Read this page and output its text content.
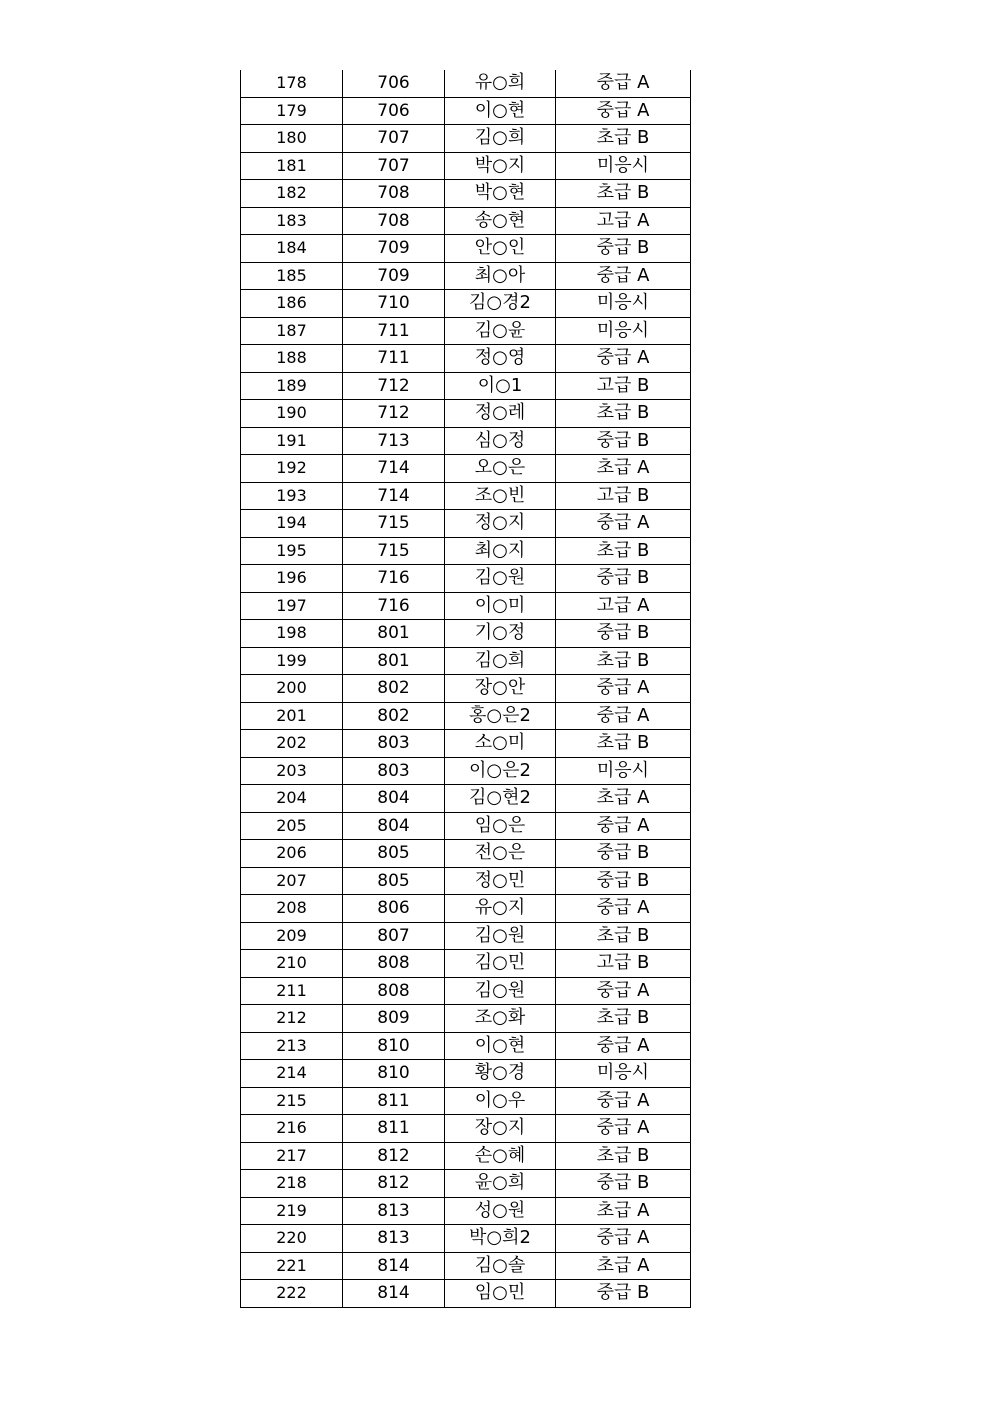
178	706	유○희	중급 A
179	706	이○현	중급 A
180	707	김○희	초급 B
181	707	박○지	미응시
182	708	박○현	초급 B
183	708	송○현	고급 A
184	709	안○인	중급 B
185	709	최○아	중급 A
186	710	김○경2	미응시
187	711	김○윤	미응시
188	711	정○영	중급 A
189	712	이○1	고급 B
190	712	정○레	초급 B
191	713	심○정	중급 B
192	714	오○은	초급 A
193	714	조○빈	고급 B
194	715	정○지	중급 A
195	715	최○지	초급 B
196	716	김○원	중급 B
197	716	이○미	고급 A
198	801	기○정	중급 B
199	801	김○희	초급 B
200	802	장○안	중급 A
201	802	홍○은2	중급 A
202	803	소○미	초급 B
203	803	이○은2	미응시
204	804	김○현2	초급 A
205	804	임○은	중급 A
206	805	전○은	중급 B
207	805	정○민	중급 B
208	806	유○지	중급 A
209	807	김○원	초급 B
210	808	김○민	고급 B
211	808	김○원	중급 A
212	809	조○화	초급 B
213	810	이○현	중급 A
214	810	황○경	미응시
215	811	이○우	중급 A
216	811	장○지	중급 A
217	812	손○혜	초급 B
218	812	윤○희	중급 B
219	813	성○원	초급 A
220	813	박○희2	중급 A
221	814	김○솔	초급 A
222	814	임○민	중급 B
